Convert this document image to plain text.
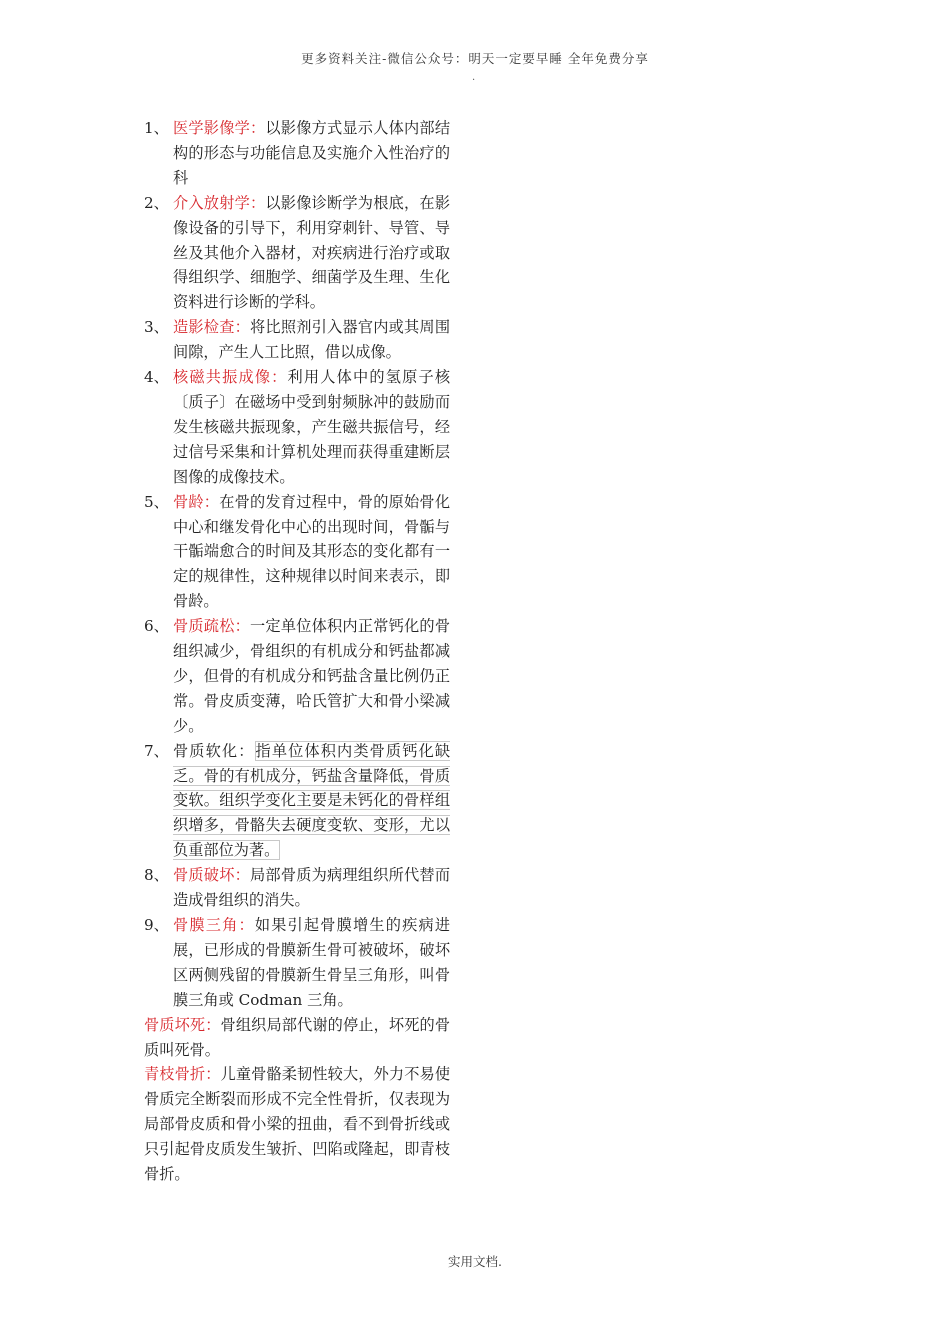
更多资料关注-微信公众号：明天一定要早睡 全年免费分享
.
1、 医学影像学：以影像方式显示人体内部结构的形态与功能信息及实施介入性治疗的科
2、 介入放射学：以影像诊断学为根底，在影像设备的引导下，利用穿刺针、导管、导丝及其他介入器材，对疾病进行治疗或取得组织学、细胞学、细菌学及生理、生化资料进行诊断的学科。
3、 造影检查：将比照剂引入器官内或其周围间隙，产生人工比照，借以成像。
4、 核磁共振成像：利用人体中的氢原子核〔质子〕在磁场中受到射频脉冲的鼓励而发生核磁共振现象，产生磁共振信号，经过信号采集和计算机处理而获得重建断层图像的成像技术。
5、 骨龄：在骨的发育过程中，骨的原始骨化中心和继发骨化中心的出现时间，骨骺与干骺端愈合的时间及其形态的变化都有一定的规律性，这种规律以时间来表示，即骨龄。
6、 骨质疏松：一定单位体积内正常钙化的骨组织减少，骨组织的有机成分和钙盐都减少，但骨的有机成分和钙盐含量比例仍正常。骨皮质变薄，哈氏管扩大和骨小梁减少。
7、 骨质软化：指单位体积内类骨质钙化缺乏。骨的有机成分，钙盐含量降低，骨质变软。组织学变化主要是未钙化的骨样组织增多，骨骼失去硬度变软、变形，尤以负重部位为著。
8、 骨质破坏：局部骨质为病理组织所代替而造成骨组织的消失。
9、 骨膜三角：如果引起骨膜增生的疾病进展，已形成的骨膜新生骨可被破坏，破坏区两侧残留的骨膜新生骨呈三角形，叫骨膜三角或 Codman 三角。
骨质坏死：骨组织局部代谢的停止，坏死的骨质叫死骨。
青枝骨折：儿童骨骼柔韧性较大，外力不易使骨质完全断裂而形成不完全性骨折，仅表现为局部骨皮质和骨小梁的扭曲，看不到骨折线或只引起骨皮质发生皱折、凹陷或隆起，即青枝骨折。
实用文档.
